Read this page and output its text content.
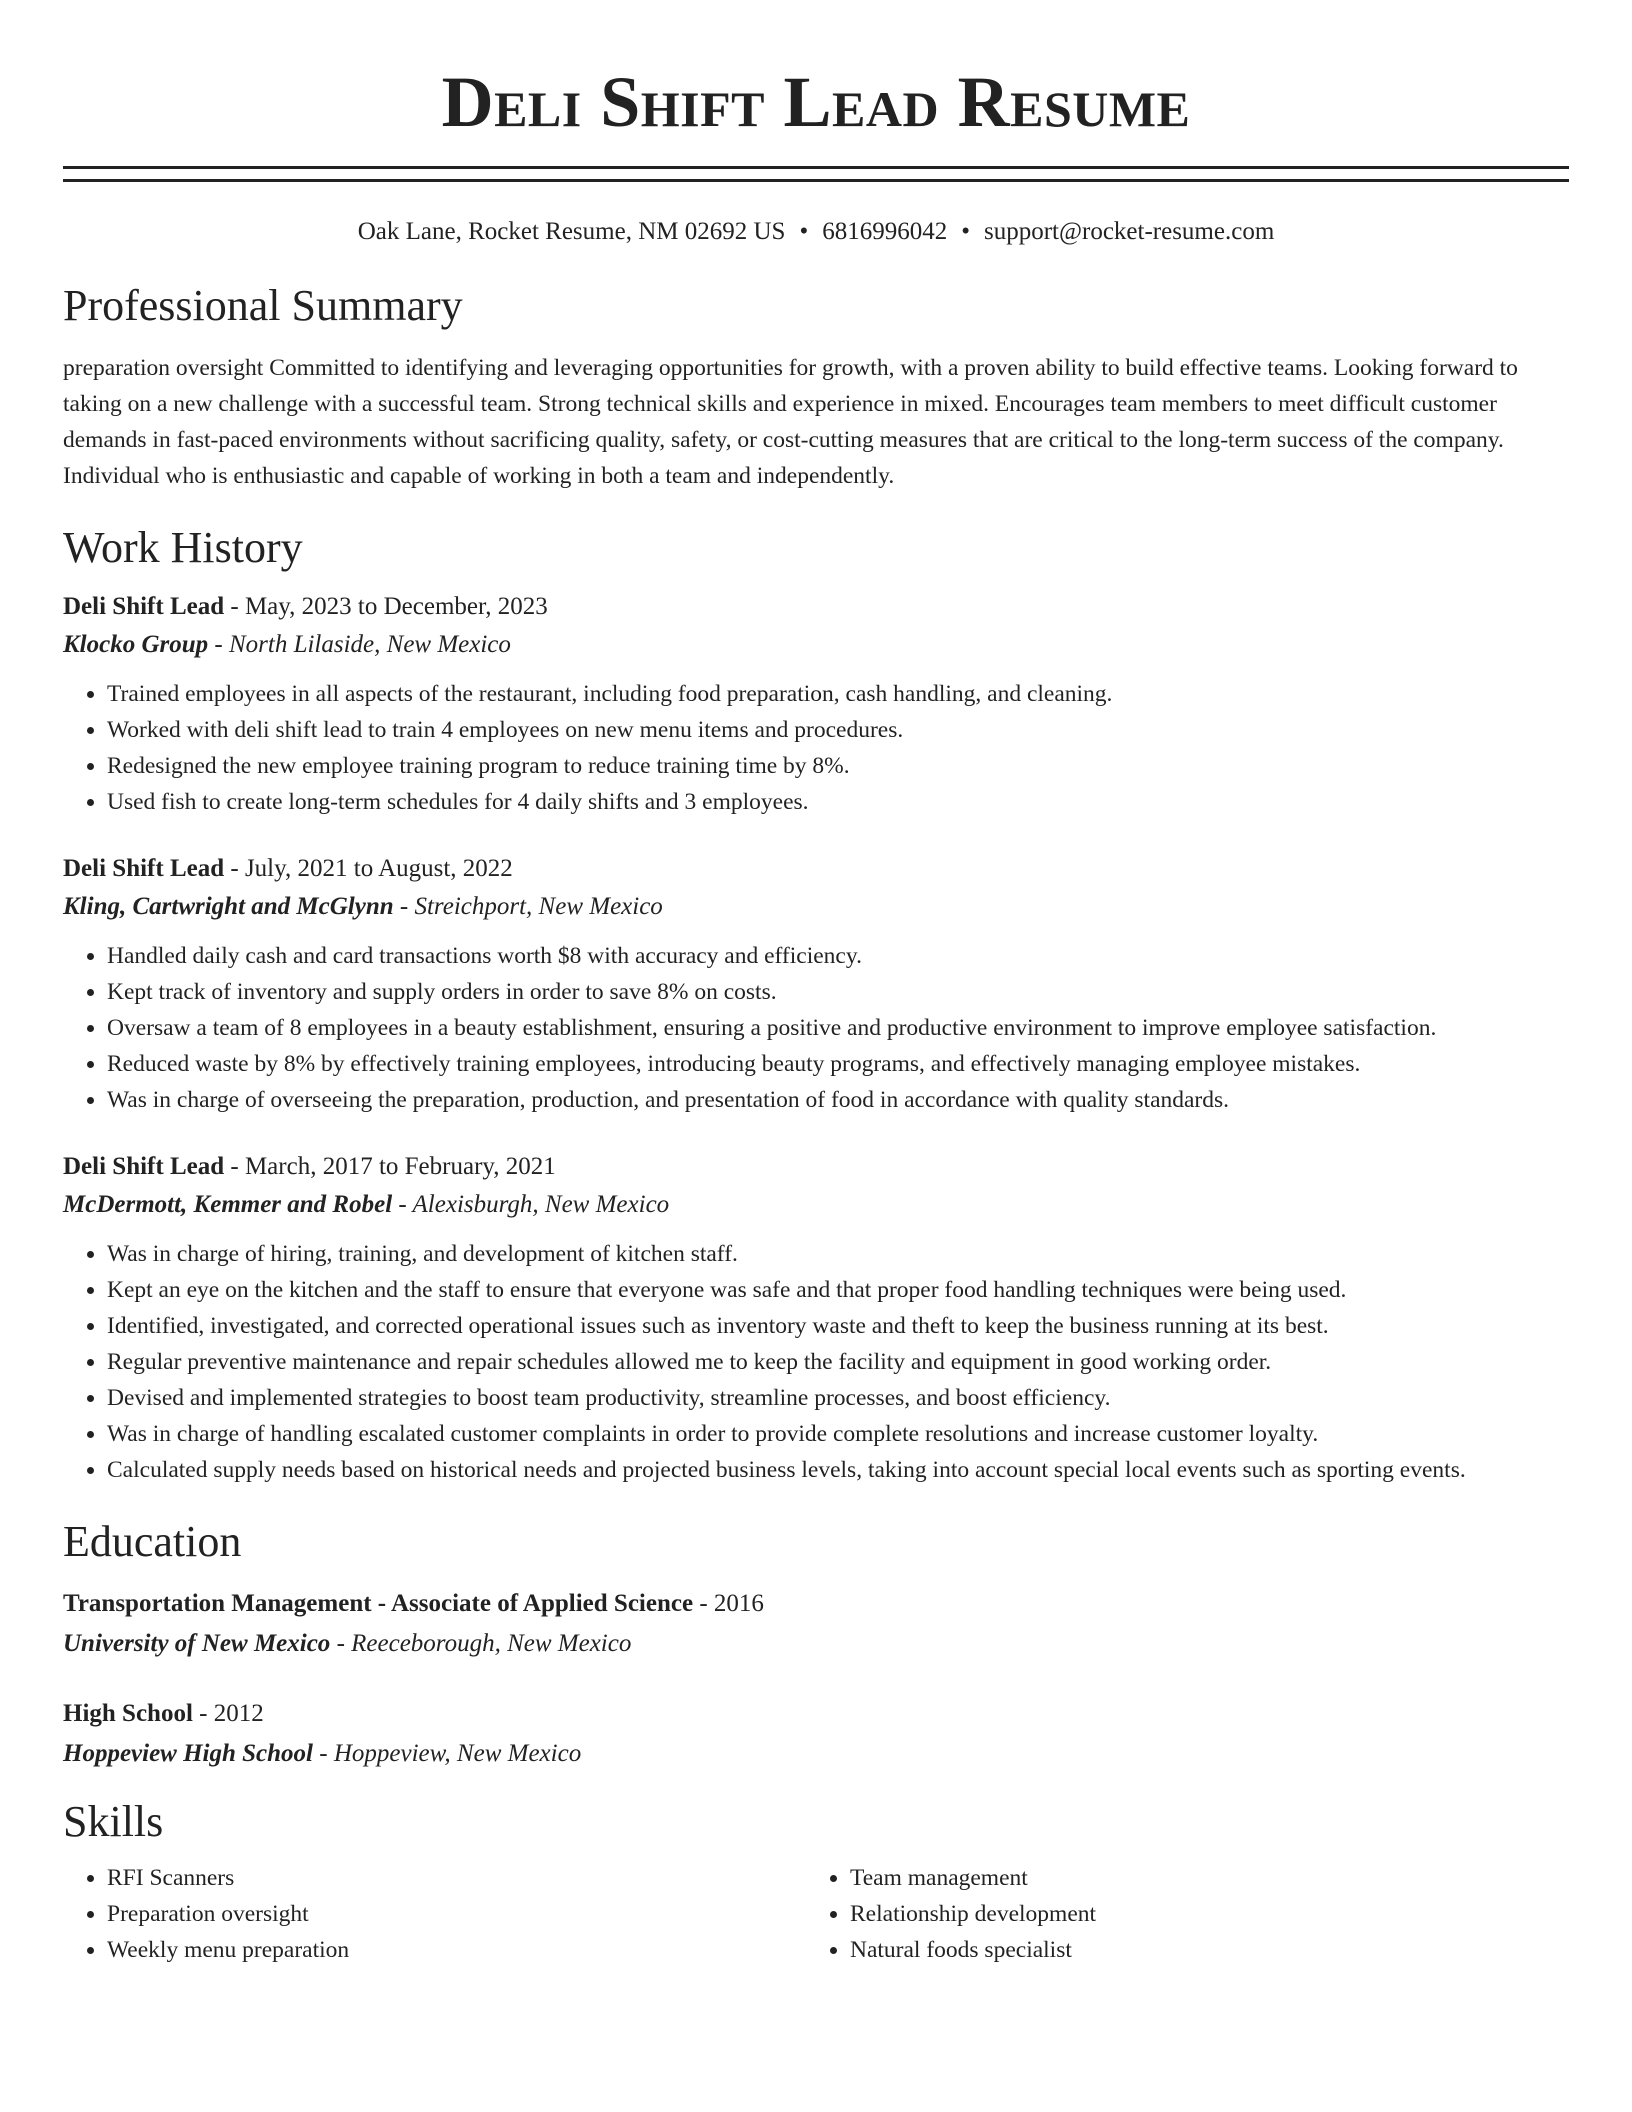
Deli Shift Lead Resume
Oak Lane, Rocket Resume, NM 02692 US • 6816996042 • support@rocket-resume.com
Professional Summary

preparation oversight Committed to identifying and leveraging opportunities for growth, with a proven ability to build effective teams. Looking forward to taking on a new challenge with a successful team. Strong technical skills and experience in mixed. Encourages team members to meet difficult customer demands in fast-paced environments without sacrificing quality, safety, or cost-cutting measures that are critical to the long-term success of the company. Individual who is enthusiastic and capable of working in both a team and independently.

Work History
Deli Shift Lead - May, 2023 to December, 2023
Klocko Group - North Lilaside, New Mexico
• Trained employees in all aspects of the restaurant, including food preparation, cash handling, and cleaning.
• Worked with deli shift lead to train 4 employees on new menu items and procedures.
• Redesigned the new employee training program to reduce training time by 8%.
• Used fish to create long-term schedules for 4 daily shifts and 3 employees.
Deli Shift Lead - July, 2021 to August, 2022
Kling, Cartwright and McGlynn - Streichport, New Mexico
• Handled daily cash and card transactions worth $8 with accuracy and efficiency.
• Kept track of inventory and supply orders in order to save 8% on costs.
• Oversaw a team of 8 employees in a beauty establishment, ensuring a positive and productive environment to improve employee satisfaction.
• Reduced waste by 8% by effectively training employees, introducing beauty programs, and effectively managing employee mistakes.
• Was in charge of overseeing the preparation, production, and presentation of food in accordance with quality standards.
Deli Shift Lead - March, 2017 to February, 2021
McDermott, Kemmer and Robel - Alexisburgh, New Mexico
• Was in charge of hiring, training, and development of kitchen staff.
• Kept an eye on the kitchen and the staff to ensure that everyone was safe and that proper food handling techniques were being used.
• Identified, investigated, and corrected operational issues such as inventory waste and theft to keep the business running at its best.
• Regular preventive maintenance and repair schedules allowed me to keep the facility and equipment in good working order.
• Devised and implemented strategies to boost team productivity, streamline processes, and boost efficiency.
• Was in charge of handling escalated customer complaints in order to provide complete resolutions and increase customer loyalty.
• Calculated supply needs based on historical needs and projected business levels, taking into account special local events such as sporting events.
Education
Transportation Management - Associate of Applied Science - 2016
University of New Mexico - Reeceborough, New Mexico
High School - 2012
Hoppeview High School - Hoppeview, New Mexico
Skills
• RFI Scanners
• Preparation oversight
• Weekly menu preparation
• Team management
• Relationship development
• Natural foods specialist
